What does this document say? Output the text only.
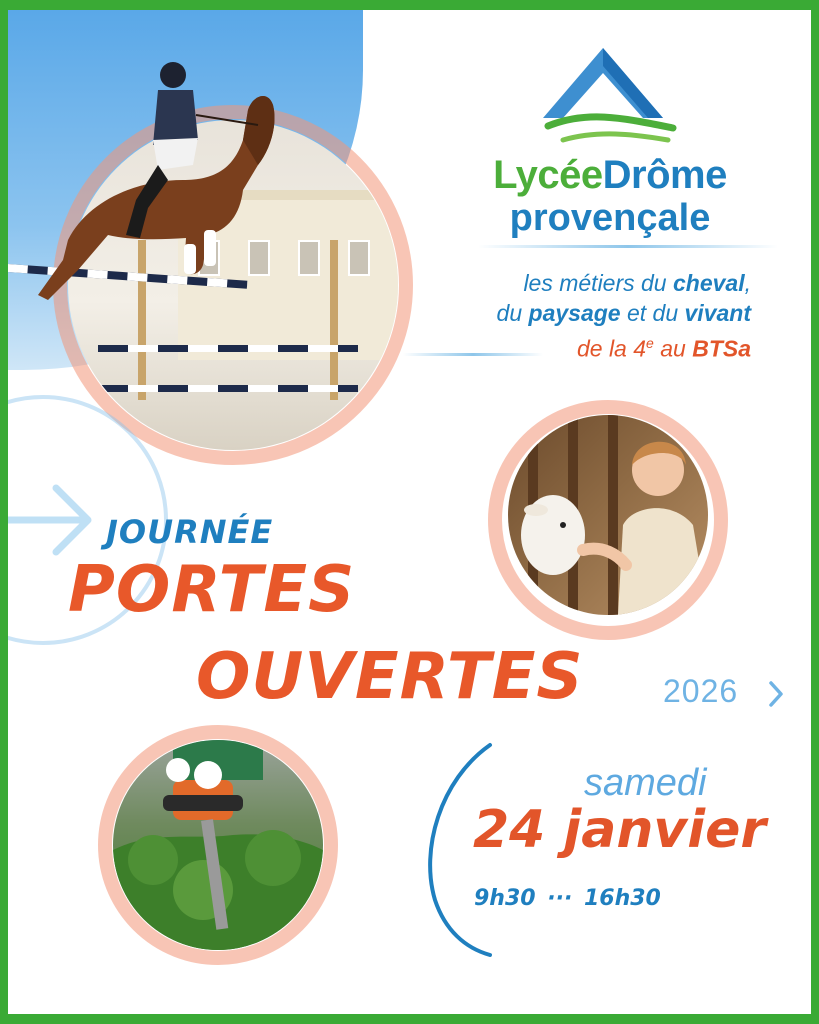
LycéeDrôme
provençale
les métiers du cheval,
du paysage et du vivant
de la 4e au BTSa
JOURNÉE
PORTES
OUVERTES 2026
samedi
24 janvier
9h30 ··· 16h30
